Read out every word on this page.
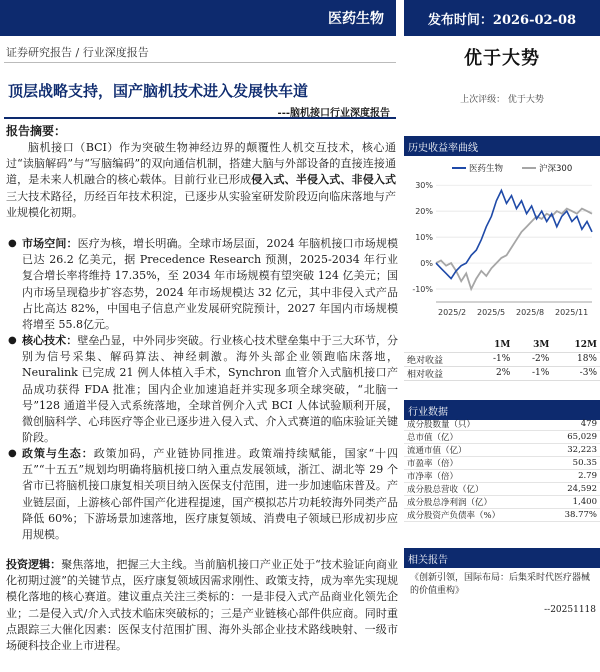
医药生物	发布时间：2026-02-08
证券研究报告 / 行业深度报告	优于大势
上次评级： 优于大势
顶层战略支持，国产脑机技术进入发展快车道
---脑机接口行业深度报告
报告摘要：
脑机接口（BCI）作为突破生物神经边界的颠覆性人机交互技术，核心通过“读脑解码”与“写脑编码”的双向通信机制，搭建大脑与外部设备的直接连接通道，是未来人机融合的核心载体。目前行业已形成侵入式、半侵入式、非侵入式三大技术路径，历经百年技术积淀，已逐步从实验室研发阶段迈向临床落地与产业规模化初期。
● 市场空间：医疗为核，增长明确。全球市场层面，2024 年脑机接口市场规模已达 26.2 亿美元，据 Precedence Research 预测，2025-2034 年行业复合增长率将维持 17.35%，至 2034 年市场规模有望突破 124 亿美元；国内市场呈现稳步扩容态势，2024 年市场规模达 32 亿元，其中非侵入式产品占比高达 82%，中国电子信息产业发展研究院预计，2027 年国内市场规模将增至 55.8亿元。
● 核心技术：壁垒凸显，中外同步突破。行业核心技术壁垒集中于三大环节，分别为信号采集、解码算法、神经刺激。海外头部企业领跑临床落地，Neuralink 已完成 21 例人体植入手术，Synchron 血管介入式脑机接口产品成功获得 FDA 批准；国内企业加速追赶并实现多项全球突破，“北脑一号”128 通道半侵入式系统落地，全球首例介入式 BCI 人体试验顺利开展，微创脑科学、心玮医疗等企业已逐步进入侵入式、介入式赛道的临床验证关键阶段。
● 政策与生态：政策加码，产业链协同推进。政策端持续赋能，国家“十四五”“十五五”规划均明确将脑机接口纳入重点发展领域，浙江、湖北等 29 个省市已将脑机接口康复相关项目纳入医保支付范围，进一步加速临床普及。产业链层面，上游核心部件国产化进程提速，国产模拟芯片功耗较海外同类产品降低 60%；下游场景加速落地，医疗康复领域、消费电子领域已形成初步应用规模。
投资逻辑：聚焦落地，把握三大主线。当前脑机接口产业正处于“技术验证向商业化初期过渡”的关键节点，医疗康复领域因需求刚性、政策支持，成为率先实现规模化落地的核心赛道。建议重点关注三类标的：一是非侵入式产品商业化领先企业；二是侵入式/介入式技术临床突破标的；三是产业链核心部件供应商。同时重点跟踪三大催化因素：医保支付范围扩围、海外头部企业技术路线映射、一级市场硬科技企业上市进程。
历史收益率曲线
30%
20%
10%
0%
-10%
2025/2 2025/5 2025/8 2025/11
医药生物	沪深300
	1M	3M	12M
绝对收益	-1%	-2%	18%
相对收益	2%	-1%	-3%
行业数据
成分股数量（只）	479
总市值（亿）	65,029
流通市值（亿）	32,223
市盈率（倍）	50.35
市净率（倍）	2.79
成分股总营收（亿）	24,592
成分股总净利润（亿）	1,400
成分股资产负债率（%）	38.77%
相关报告
《创新引领，国际布局：后集采时代医疗器械的价值重构》
--20251118
